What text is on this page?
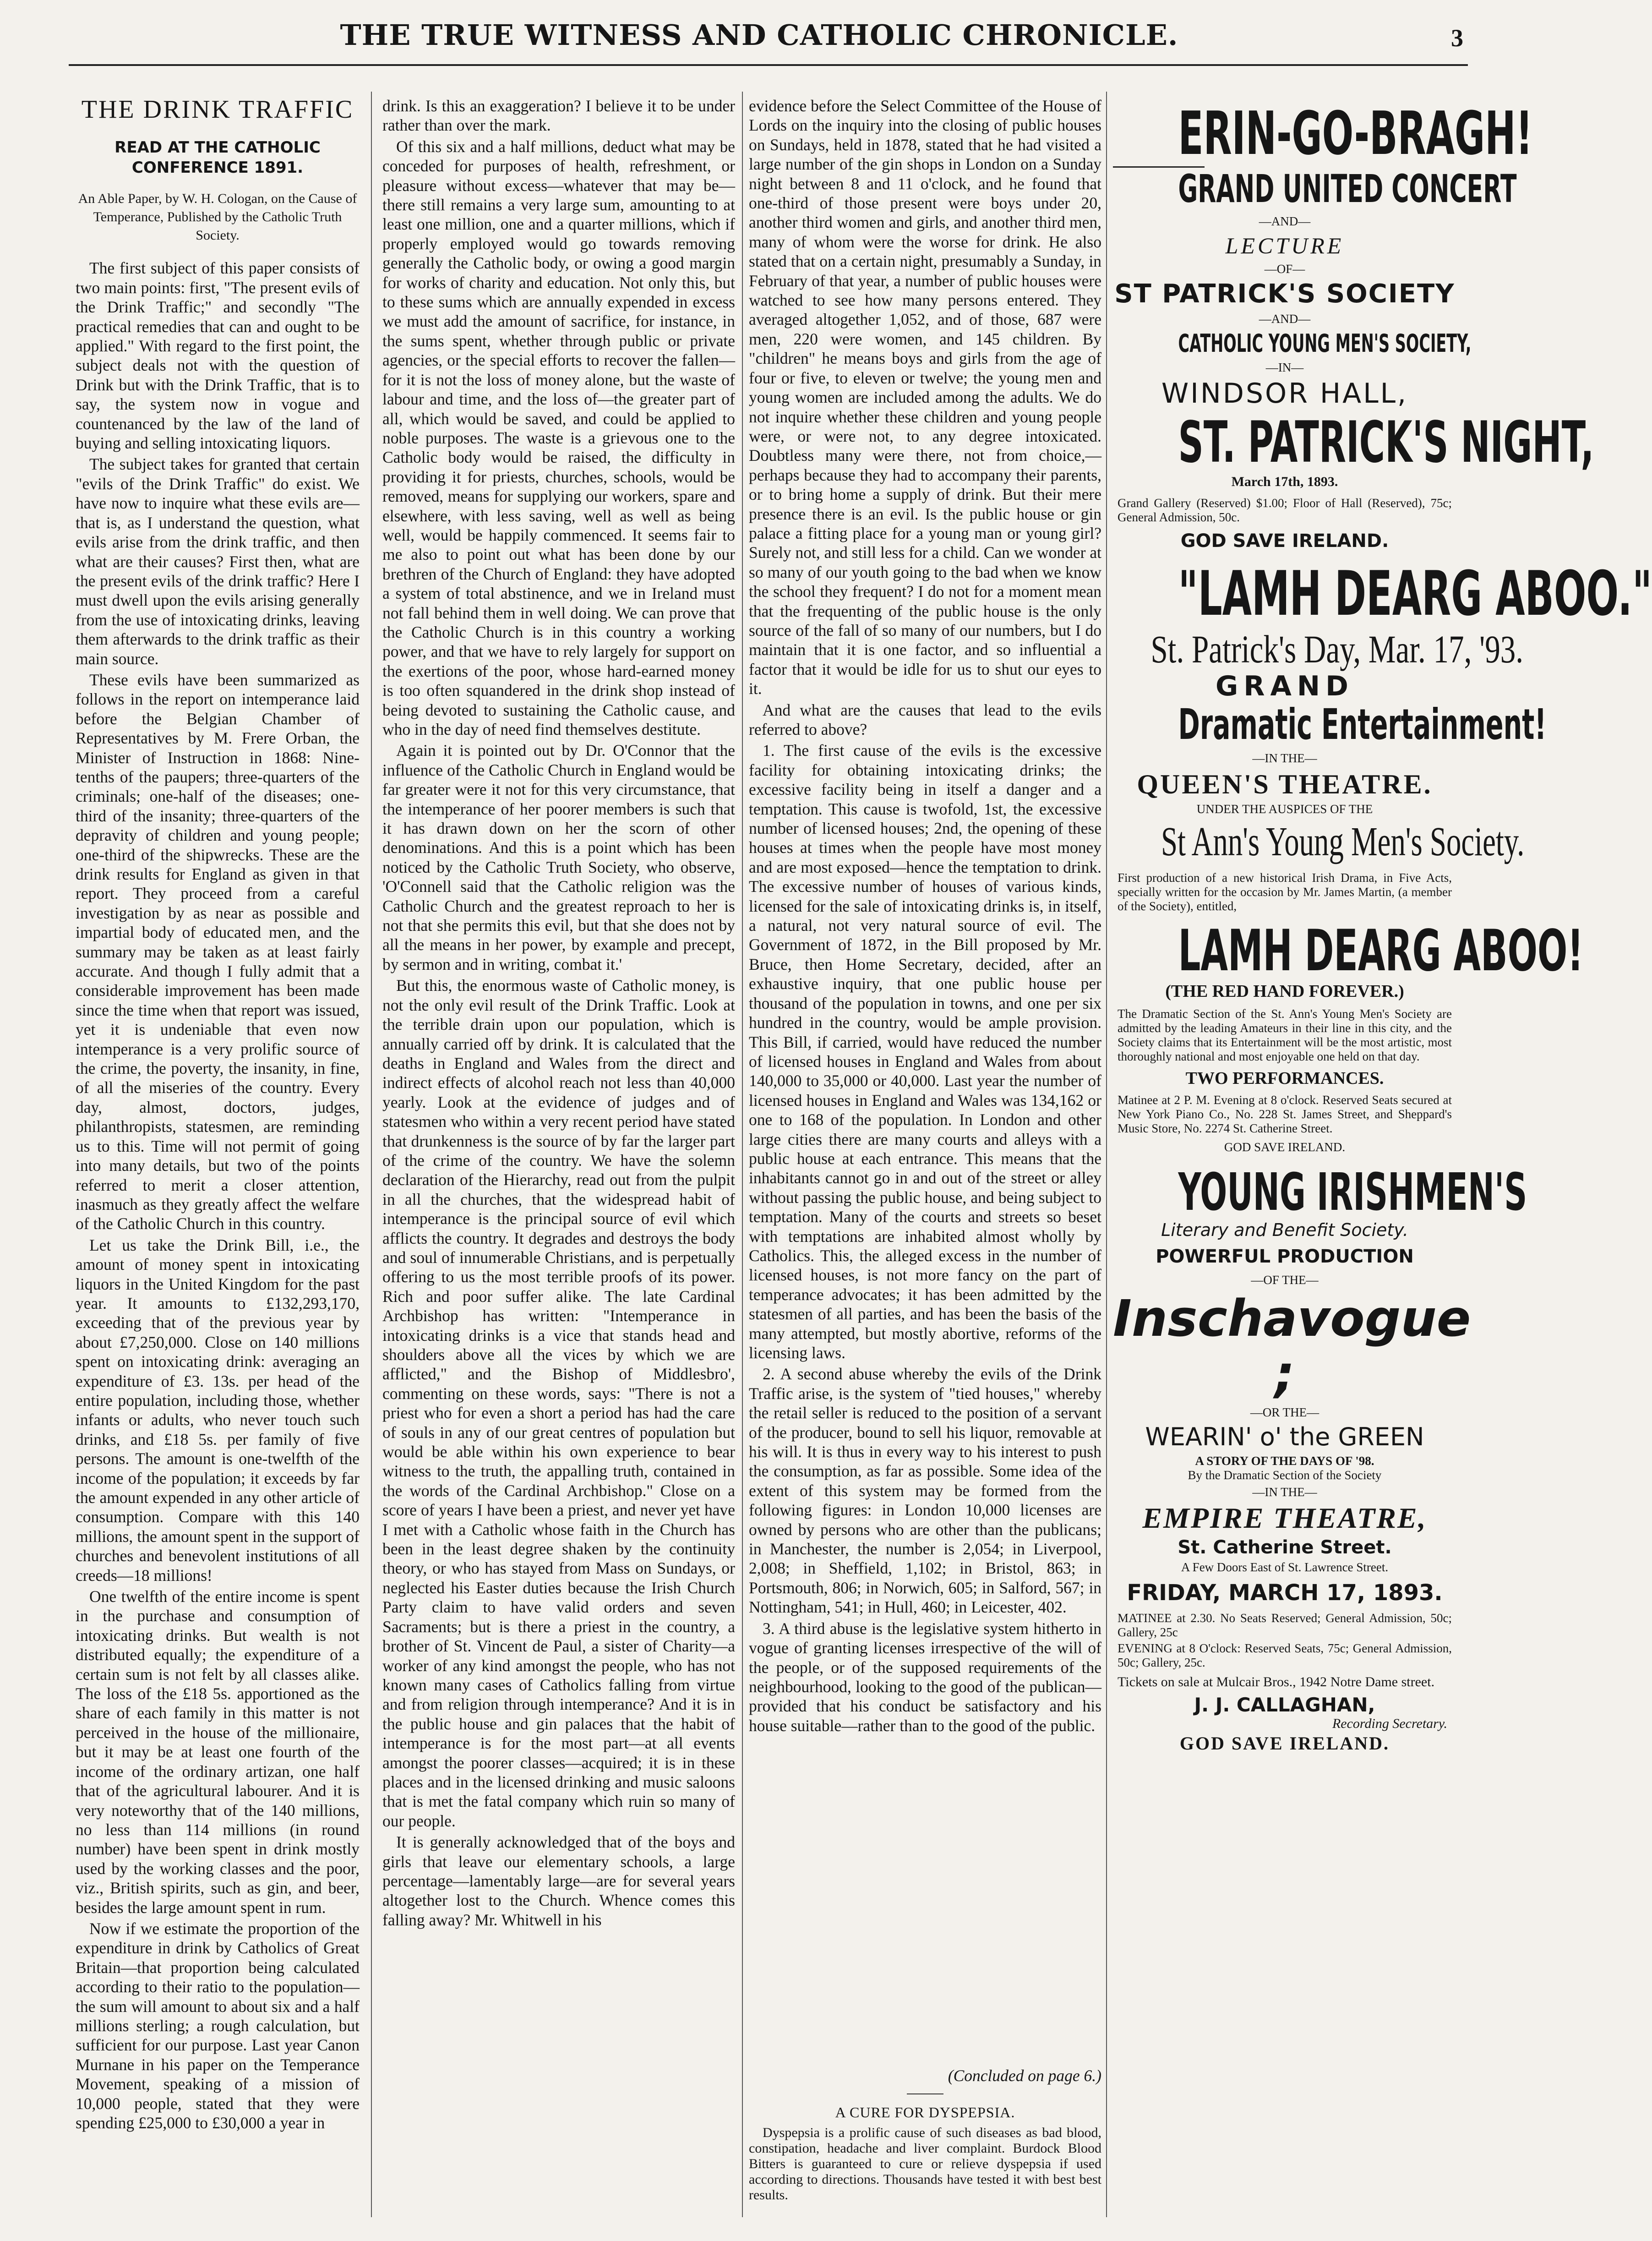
THE TRUE WITNESS AND CATHOLIC CHRONICLE.	3
THE DRINK TRAFFIC
READ AT THE CATHOLIC CONFERENCE 1891.
An Able Paper, by W. H. Cologan, on the Cause of Temperance, Published by the Catholic Truth Society.

The first subject of this paper consists of two main points: first, "The present evils of the Drink Traffic;" and secondly "The practical remedies that can and ought to be applied." With regard to the first point, the subject deals not with the question of Drink but with the Drink Traffic, that is to say, the system now in vogue and countenanced by the law of the land of buying and selling intoxicating liquors.

The subject takes for granted that certain "evils of the Drink Traffic" do exist. We have now to inquire what these evils are—that is, as I understand the question, what evils arise from the drink traffic, and then what are their causes? First then, what are the present evils of the drink traffic? Here I must dwell upon the evils arising generally from the use of intoxicating drinks, leaving them afterwards to the drink traffic as their main source.

These evils have been summarized as follows in the report on intemperance laid before the Belgian Chamber of Representatives by M. Frere Orban, the Minister of Instruction in 1868: Nine-tenths of the paupers; three-quarters of the criminals; one-half of the diseases; one-third of the insanity; three-quarters of the depravity of children and young people; one-third of the shipwrecks. These are the drink results for England as given in that report. They proceed from a careful investigation by as near as possible and impartial body of educated men, and the summary may be taken as at least fairly accurate. And though I fully admit that a considerable improvement has been made since the time when that report was issued, yet it is undeniable that even now intemperance is a very prolific source of the crime, the poverty, the insanity, in fine, of all the miseries of the country. Every day, almost, doctors, judges, philanthropists, statesmen, are reminding us to this. Time will not permit of going into many details, but two of the points referred to merit a closer attention, inasmuch as they greatly affect the welfare of the Catholic Church in this country.

Let us take the Drink Bill, i.e., the amount of money spent in intoxicating liquors in the United Kingdom for the past year. It amounts to £132,293,170, exceeding that of the previous year by about £7,250,000. Close on 140 millions spent on intoxicating drink: averaging an expenditure of £3. 13s. per head of the entire population, including those, whether infants or adults, who never touch such drinks, and £18 5s. per family of five persons. The amount is one-twelfth of the income of the population; it exceeds by far the amount expended in any other article of consumption. Compare with this 140 millions, the amount spent in the support of churches and benevolent institutions of all creeds—18 millions!

One twelfth of the entire income is spent in the purchase and consumption of intoxicating drinks. But wealth is not distributed equally; the expenditure of a certain sum is not felt by all classes alike. The loss of the £18 5s. apportioned as the share of each family in this matter is not perceived in the house of the millionaire, but it may be at least one fourth of the income of the ordinary artizan, one half that of the agricultural labourer. And it is very noteworthy that of the 140 millions, no less than 114 millions (in round number) have been spent in drink mostly used by the working classes and the poor, viz., British spirits, such as gin, and beer, besides the large amount spent in rum.

Now if we estimate the proportion of the expenditure in drink by Catholics of Great Britain—that proportion being calculated according to their ratio to the population—the sum will amount to about six and a half millions sterling; a rough calculation, but sufficient for our purpose. Last year Canon Murnane in his paper on the Temperance Movement, speaking of a mission of 10,000 people, stated that they were spending £25,000 to £30,000 a year in

drink. Is this an exaggeration? I believe it to be under rather than over the mark.

Of this six and a half millions, deduct what may be conceded for purposes of health, refreshment, or pleasure without excess—whatever that may be—there still remains a very large sum, amounting to at least one million, one and a quarter millions, which if properly employed would go towards removing generally the Catholic body, or owing a good margin for works of charity and education. Not only this, but to these sums which are annually expended in excess we must add the amount of sacrifice, for instance, in the sums spent, whether through public or private agencies, or the special efforts to recover the fallen—for it is not the loss of money alone, but the waste of labour and time, and the loss of—the greater part of all, which would be saved, and could be applied to noble purposes. The waste is a grievous one to the Catholic body would be raised, the difficulty in providing it for priests, churches, schools, would be removed, means for supplying our workers, spare and elsewhere, with less saving, well as well as being well, would be happily commenced. It seems fair to me also to point out what has been done by our brethren of the Church of England: they have adopted a system of total abstinence, and we in Ireland must not fall behind them in well doing. We can prove that the Catholic Church is in this country a working power, and that we have to rely largely for support on the exertions of the poor, whose hard-earned money is too often squandered in the drink shop instead of being devoted to sustaining the Catholic cause, and who in the day of need find themselves destitute.

Again it is pointed out by Dr. O'Connor that the influence of the Catholic Church in England would be far greater were it not for this very circumstance, that the intemperance of her poorer members is such that it has drawn down on her the scorn of other denominations. And this is a point which has been noticed by the Catholic Truth Society, who observe, 'O'Connell said that the Catholic religion was the Catholic Church and the greatest reproach to her is not that she permits this evil, but that she does not by all the means in her power, by example and precept, by sermon and in writing, combat it.'

But this, the enormous waste of Catholic money, is not the only evil result of the Drink Traffic. Look at the terrible drain upon our population, which is annually carried off by drink. It is calculated that the deaths in England and Wales from the direct and indirect effects of alcohol reach not less than 40,000 yearly. Look at the evidence of judges and of statesmen who within a very recent period have stated that drunkenness is the source of by far the larger part of the crime of the country. We have the solemn declaration of the Hierarchy, read out from the pulpit in all the churches, that the widespread habit of intemperance is the principal source of evil which afflicts the country. It degrades and destroys the body and soul of innumerable Christians, and is perpetually offering to us the most terrible proofs of its power. Rich and poor suffer alike. The late Cardinal Archbishop has written: "Intemperance in intoxicating drinks is a vice that stands head and shoulders above all the vices by which we are afflicted," and the Bishop of Middlesbro', commenting on these words, says: "There is not a priest who for even a short a period has had the care of souls in any of our great centres of population but would be able within his own experience to bear witness to the truth, the appalling truth, contained in the words of the Cardinal Archbishop." Close on a score of years I have been a priest, and never yet have I met with a Catholic whose faith in the Church has been in the least degree shaken by the continuity theory, or who has stayed from Mass on Sundays, or neglected his Easter duties because the Irish Church Party claim to have valid orders and seven Sacraments; but is there a priest in the country, a brother of St. Vincent de Paul, a sister of Charity—a worker of any kind amongst the people, who has not known many cases of Catholics falling from virtue and from religion through intemperance? And it is in the public house and gin palaces that the habit of intemperance is for the most part—at all events amongst the poorer classes—acquired; it is in these places and in the licensed drinking and music saloons that is met the fatal company which ruin so many of our people.

It is generally acknowledged that of the boys and girls that leave our elementary schools, a large percentage—lamentably large—are for several years altogether lost to the Church. Whence comes this falling away? Mr. Whitwell in his

evidence before the Select Committee of the House of Lords on the inquiry into the closing of public houses on Sundays, held in 1878, stated that he had visited a large number of the gin shops in London on a Sunday night between 8 and 11 o'clock, and he found that one-third of those present were boys under 20, another third women and girls, and another third men, many of whom were the worse for drink. He also stated that on a certain night, presumably a Sunday, in February of that year, a number of public houses were watched to see how many persons entered. They averaged altogether 1,052, and of those, 687 were men, 220 were women, and 145 children. By "children" he means boys and girls from the age of four or five, to eleven or twelve; the young men and young women are included among the adults. We do not inquire whether these children and young people were, or were not, to any degree intoxicated. Doubtless many were there, not from choice,—perhaps because they had to accompany their parents, or to bring home a supply of drink. But their mere presence there is an evil. Is the public house or gin palace a fitting place for a young man or young girl? Surely not, and still less for a child. Can we wonder at so many of our youth going to the bad when we know the school they frequent? I do not for a moment mean that the frequenting of the public house is the only source of the fall of so many of our numbers, but I do maintain that it is one factor, and so influential a factor that it would be idle for us to shut our eyes to it.

And what are the causes that lead to the evils referred to above?

1. The first cause of the evils is the excessive facility for obtaining intoxicating drinks; the excessive facility being in itself a danger and a temptation. This cause is twofold, 1st, the excessive number of licensed houses; 2nd, the opening of these houses at times when the people have most money and are most exposed—hence the temptation to drink. The excessive number of houses of various kinds, licensed for the sale of intoxicating drinks is, in itself, a natural, not very natural source of evil. The Government of 1872, in the Bill proposed by Mr. Bruce, then Home Secretary, decided, after an exhaustive inquiry, that one public house per thousand of the population in towns, and one per six hundred in the country, would be ample provision. This Bill, if carried, would have reduced the number of licensed houses in England and Wales from about 140,000 to 35,000 or 40,000. Last year the number of licensed houses in England and Wales was 134,162 or one to 168 of the population. In London and other large cities there are many courts and alleys with a public house at each entrance. This means that the inhabitants cannot go in and out of the street or alley without passing the public house, and being subject to temptation. Many of the courts and streets so beset with temptations are inhabited almost wholly by Catholics. This, the alleged excess in the number of licensed houses, is not more fancy on the part of temperance advocates; it has been admitted by the statesmen of all parties, and has been the basis of the many attempted, but mostly abortive, reforms of the licensing laws.

2. A second abuse whereby the evils of the Drink Traffic arise, is the system of "tied houses," whereby the retail seller is reduced to the position of a servant of the producer, bound to sell his liquor, removable at his will. It is thus in every way to his interest to push the consumption, as far as possible. Some idea of the extent of this system may be formed from the following figures: in London 10,000 licenses are owned by persons who are other than the publicans; in Manchester, the number is 2,054; in Liverpool, 2,008; in Sheffield, 1,102; in Bristol, 863; in Portsmouth, 806; in Norwich, 605; in Salford, 567; in Nottingham, 541; in Hull, 460; in Leicester, 402.

3. A third abuse is the legislative system hitherto in vogue of granting licenses irrespective of the will of the people, or of the supposed requirements of the neighbourhood, looking to the good of the publican—provided that his conduct be satisfactory and his house suitable—rather than to the good of the public.

(Concluded on page 6.)
A CURE FOR DYSPEPSIA.

Dyspepsia is a prolific cause of such diseases as bad blood, constipation, headache and liver complaint. Burdock Blood Bitters is guaranteed to cure or relieve dyspepsia if used according to directions. Thousands have tested it with best best results.

ERIN-GO-BRAGH!
GRAND UNITED CONCERT
—AND—
LECTURE
—OF—
ST PATRICK'S SOCIETY
—AND—
CATHOLIC YOUNG MEN'S SOCIETY,
—IN—
WINDSOR HALL,
ST. PATRICK'S NIGHT,
March 17th, 1893.
Grand Gallery (Reserved) $1.00; Floor of Hall (Reserved), 75c; General Admission, 50c.
GOD SAVE IRELAND.
"LAMH DEARG ABOO."
St. Patrick's Day, Mar. 17, '93.
GRAND
Dramatic Entertainment!
—IN THE—
QUEEN'S THEATRE.
UNDER THE AUSPICES OF THE
St Ann's Young Men's Society.
First production of a new historical Irish Drama, in Five Acts, specially written for the occasion by Mr. James Martin, (a member of the Society), entitled,
LAMH DEARG ABOO!
(THE RED HAND FOREVER.)
The Dramatic Section of the St. Ann's Young Men's Society are admitted by the leading Amateurs in their line in this city, and the Society claims that its Entertainment will be the most artistic, most thoroughly national and most enjoyable one held on that day.
TWO PERFORMANCES.
Matinee at 2 P. M. Evening at 8 o'clock. Reserved Seats secured at New York Piano Co., No. 228 St. James Street, and Sheppard's Music Store, No. 2274 St. Catherine Street.
GOD SAVE IRELAND.
YOUNG IRISHMEN'S
Literary and Benefit Society.
POWERFUL PRODUCTION
—OF THE—
Inschavogue ;
—OR THE—
WEARIN' o' the GREEN
A STORY OF THE DAYS OF '98.
By the Dramatic Section of the Society
—IN THE—
EMPIRE THEATRE,
St. Catherine Street.
A Few Doors East of St. Lawrence Street.
FRIDAY, MARCH 17, 1893.
MATINEE at 2.30. No Seats Reserved; General Admission, 50c; Gallery, 25c
EVENING at 8 O'clock: Reserved Seats, 75c; General Admission, 50c; Gallery, 25c.
Tickets on sale at Mulcair Bros., 1942 Notre Dame street.
J. J. CALLAGHAN,
Recording Secretary.
GOD SAVE IRELAND.
